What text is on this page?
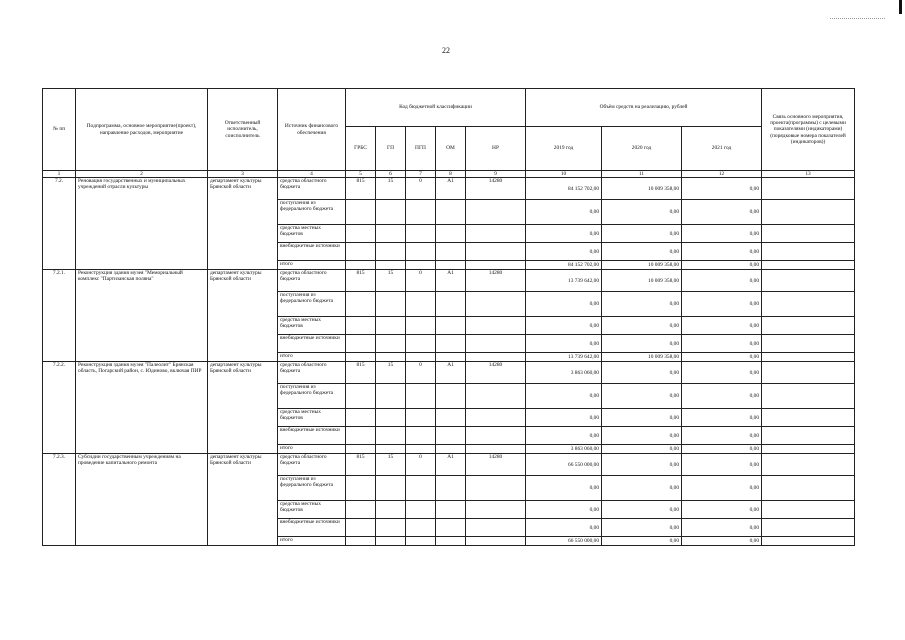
22
№ пп	Подпрограмма, основное мероприятие(проект), направление расходов, мероприятие	Ответственный исполнитель, соисполнитель	Источник финансового обеспечения	Код бюджетной классификации					Объём средств на реализацию, рублей			Связь основного мероприятия, проекта(программы) с целевыми показателями (индикаторами) (порядковые номера показателей (индикаторов))
				ГРБС	ГП	ПГП	ОМ	НР	2019 год	2020 год	2021 год	
1	2	3	4	5	6	7	8	9	10	11	12	13
7.2.	Реновация государственных и муниципальных учреждений отрасли культуры	департамент культуры Брянской области	средства областного бюджета	815	15	0	А1	14280	84 152 702,00	10 009 358,00	0,00	
			поступления из федерального бюджета						0,00	0,00	0,00	
			средства местных бюджетов						0,00	0,00	0,00	
			внебюджетные источники						0,00	0,00	0,00	
			итого						84 152 702,00	10 009 358,00	0,00	
7.2.1.	Реконструкция здания музея "Мемориальный комплекс "Партизанская поляна"	департамент культуры Брянской области	средства областного бюджета	815	15	0	А1	14280	13 739 642,00	10 009 358,00	0,00	
			поступления из федерального бюджета						0,00	0,00	0,00	
			средства местных бюджетов						0,00	0,00	0,00	
			внебюджетные источники						0,00	0,00	0,00	
			итого						13 739 642,00	10 009 358,00	0,00	
7.2.2.	Реконструкция здания музея "Палеолит" Брянская область, Погарский район, с. Юдиново, включая ПИР	департамент культуры Брянской области	средства областного бюджета	815	15	0	А1	14280	3 863 060,00	0,00	0,00	
			поступления из федерального бюджета						0,00	0,00	0,00	
			средства местных бюджетов						0,00	0,00	0,00	
			внебюджетные источники						0,00	0,00	0,00	
			итого						3 863 060,00	0,00	0,00	
7.2.3.	Субсидии государственным учреждениям на проведение капитального ремонта	департамент культуры Брянской области	средства областного бюджета	815	15	0	А1	14280	66 550 000,00	0,00	0,00	
			поступления из федерального бюджета						0,00	0,00	0,00	
			средства местных бюджетов						0,00	0,00	0,00	
			внебюджетные источники						0,00	0,00	0,00	
			итого						66 550 000,00	0,00	0,00	
